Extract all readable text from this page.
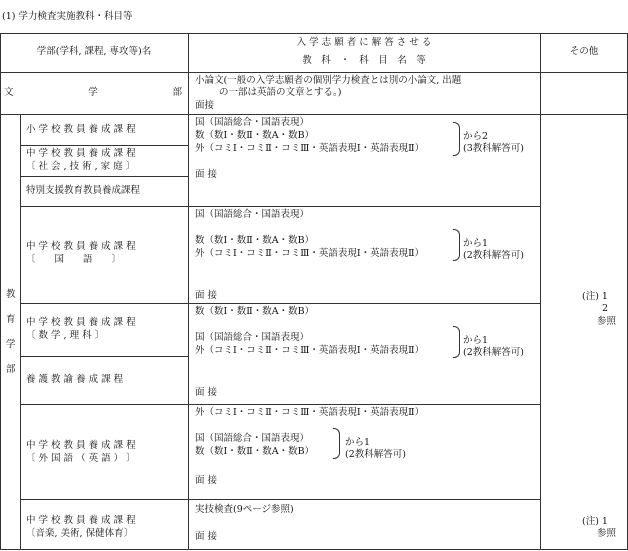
(1) 学力検査実施教科・科目等
学部(学科, 課程, 専攻等)名
入 学 志 願 者 に 解 答 さ せ る
教　科　・　科　目　名　等
その他
文	学	部
小論文(一般の入学志願者の個別学力検査とは別の小論文, 出題
の一部は英語の文章とする。)
面接
教
育
学
部
小 学 校 教 員 養 成 課 程
中 学 校 教 員 養 成 課 程
〔 社 会 , 技 術 , 家 庭 〕
特別支援教育教員養成課程
国（国語総合・国語表現）
数（数Ⅰ・数Ⅱ・数A・数B）
外（コミⅠ・コミⅡ・コミⅢ・英語表現Ⅰ・英語表現Ⅱ）
から2
(3教科解答可)
面 接
中 学 校 教 員 養 成 課 程
〔　　国　　語　　〕
国（国語総合・国語表現）
数（数Ⅰ・数Ⅱ・数A・数B）
外（コミⅠ・コミⅡ・コミⅢ・英語表現Ⅰ・英語表現Ⅱ）
から1
(2教科解答可)
面 接
中 学 校 教 員 養 成 課 程
〔 数 学 , 理 科 〕
養 護 教 諭 養 成 課 程
数（数Ⅰ・数Ⅱ・数A・数B）
国（国語総合・国語表現）
外（コミⅠ・コミⅡ・コミⅢ・英語表現Ⅰ・英語表現Ⅱ）
から1
(2教科解答可)
面 接
中 学 校 教 員 養 成 課 程
〔 外 国 語 （ 英 語 ） 〕
外（コミⅠ・コミⅡ・コミⅢ・英語表現Ⅰ・英語表現Ⅱ）
国（国語総合・国語表現）
数（数Ⅰ・数Ⅱ・数A・数B）
から1
(2教科解答可)
面 接
中 学 校 教 員 養 成 課 程
〔音楽, 美術, 保健体育〕
実技検査(9ページ参照)
面 接
(注) 1
2
参照
(注) 1
参照
